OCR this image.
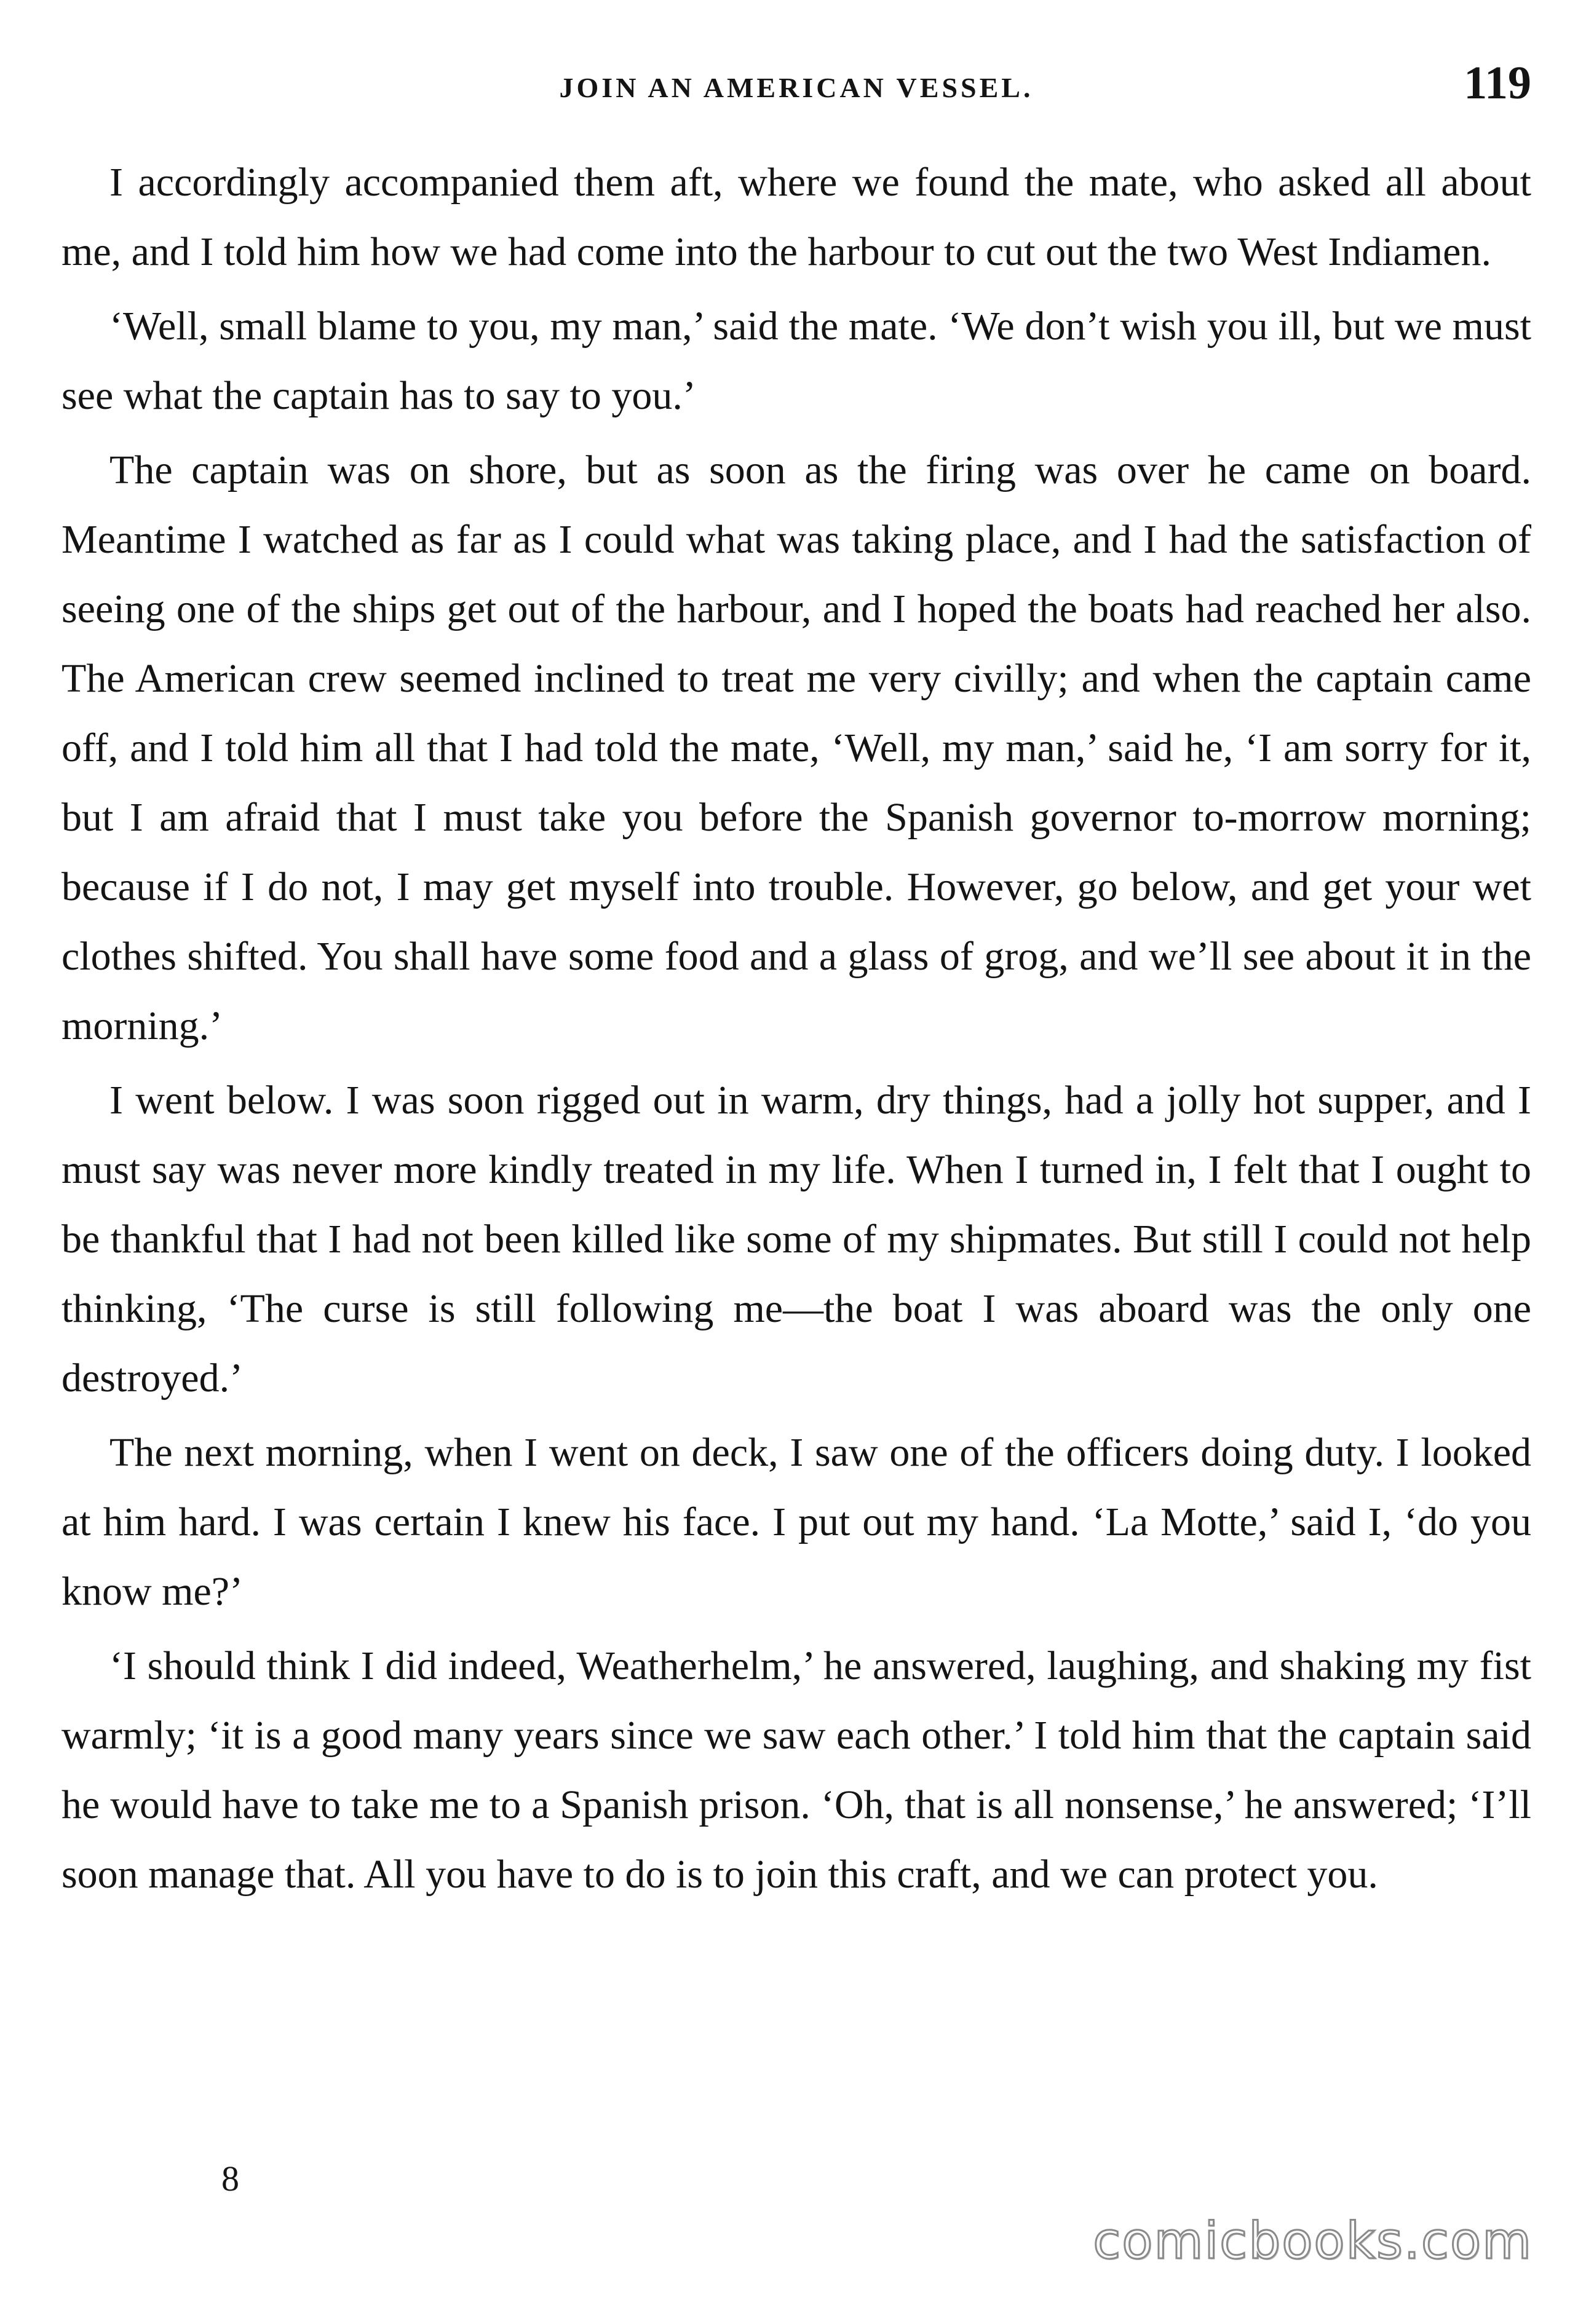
JOIN AN AMERICAN VESSEL.	119

I accordingly accompanied them aft, where we found the mate, who asked all about me, and I told him how we had come into the harbour to cut out the two West Indiamen.

‘Well, small blame to you, my man,’ said the mate. ‘We don’t wish you ill, but we must see what the captain has to say to you.’

The captain was on shore, but as soon as the firing was over he came on board. Meantime I watched as far as I could what was taking place, and I had the satisfaction of seeing one of the ships get out of the harbour, and I hoped the boats had reached her also. The American crew seemed inclined to treat me very civilly; and when the captain came off, and I told him all that I had told the mate, ‘Well, my man,’ said he, ‘I am sorry for it, but I am afraid that I must take you before the Spanish governor to-morrow morning; because if I do not, I may get myself into trouble. However, go below, and get your wet clothes shifted. You shall have some food and a glass of grog, and we’ll see about it in the morning.’

I went below. I was soon rigged out in warm, dry things, had a jolly hot supper, and I must say was never more kindly treated in my life. When I turned in, I felt that I ought to be thankful that I had not been killed like some of my shipmates. But still I could not help thinking, ‘The curse is still following me—the boat I was aboard was the only one destroyed.’

The next morning, when I went on deck, I saw one of the officers doing duty. I looked at him hard. I was certain I knew his face. I put out my hand. ‘La Motte,’ said I, ‘do you know me?’

‘I should think I did indeed, Weatherhelm,’ he answered, laughing, and shaking my fist warmly; ‘it is a good many years since we saw each other.’ I told him that the captain said he would have to take me to a Spanish prison. ‘Oh, that is all nonsense,’ he answered; ‘I’ll soon manage that. All you have to do is to join this craft, and we can protect you.

8
comicbooks.com
